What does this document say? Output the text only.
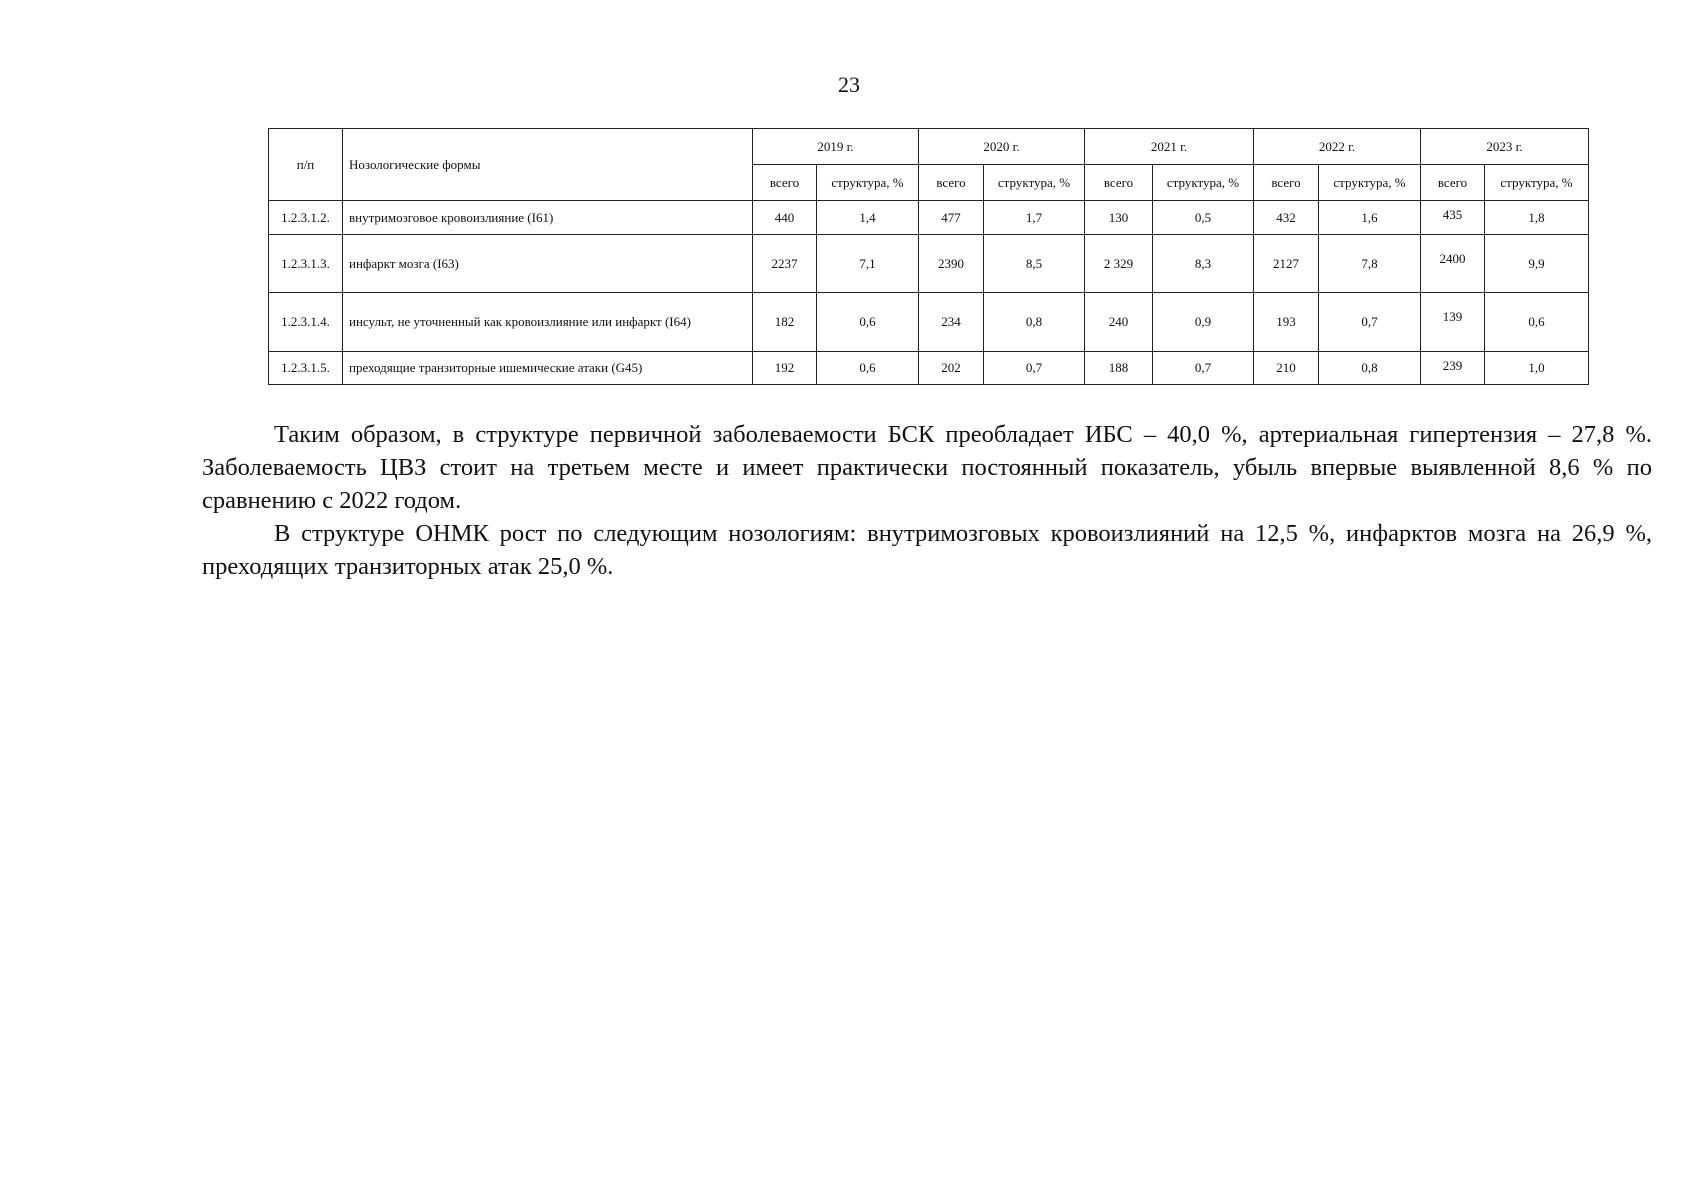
23
п/п	Нозологические формы	2019 г.		2020 г.		2021 г.		2022 г.		2023 г.	
		всего	структура, %	всего	структура, %	всего	структура, %	всего	структура, %	всего	структура, %
1.2.3.1.2.	внутримозговое кровоизлияние (I61)	440	1,4	477	1,7	130	0,5	432	1,6	435	1,8
1.2.3.1.3.	инфаркт мозга (I63)	2237	7,1	2390	8,5	2 329	8,3	2127	7,8	2400	9,9
1.2.3.1.4.	инсульт, не уточненный как кровоизлияние или инфаркт (I64)	182	0,6	234	0,8	240	0,9	193	0,7	139	0,6
1.2.3.1.5.	преходящие транзиторные ишемические атаки (G45)	192	0,6	202	0,7	188	0,7	210	0,8	239	1,0

Таким образом, в структуре первичной заболеваемости БСК преобладает ИБС – 40,0 %, артериальная гипертензия – 27,8 %. Заболеваемость ЦВЗ стоит на третьем месте и имеет практически постоянный показатель, убыль впервые выявленной 8,6 % по сравнению с 2022 годом.

В структуре ОНМК рост по следующим нозологиям: внутримозговых кровоизлияний на 12,5 %, инфарктов мозга на 26,9 %, преходящих транзиторных атак 25,0 %.
